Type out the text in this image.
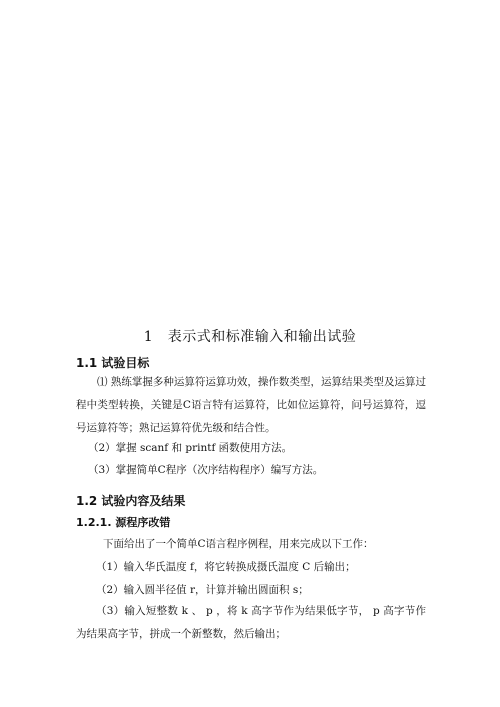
1　表示式和标准输入和输出试验
1.1 试验目标
⑴ 熟练掌握多种运算符运算功效，操作数类型，运算结果类型及运算过程中类型转换，关键是C语言特有运算符，比如位运算符，问号运算符，逗号运算符等；熟记运算符优先级和结合性。
（2）掌握 scanf 和 printf 函数使用方法。
（3）掌握简单C程序（次序结构程序）编写方法。
1.2 试验内容及结果
1.2.1. 源程序改错
下面给出了一个简单C语言程序例程，用来完成以下工作：
（1）输入华氏温度 f，将它转换成摄氏温度 C 后输出；
（2）输入圆半径值 r，计算并输出圆面积 s；
（3）输入短整数 k 、 p ，将 k 高字节作为结果低字节， p 高字节作为结果高字节，拼成一个新整数，然后输出；
